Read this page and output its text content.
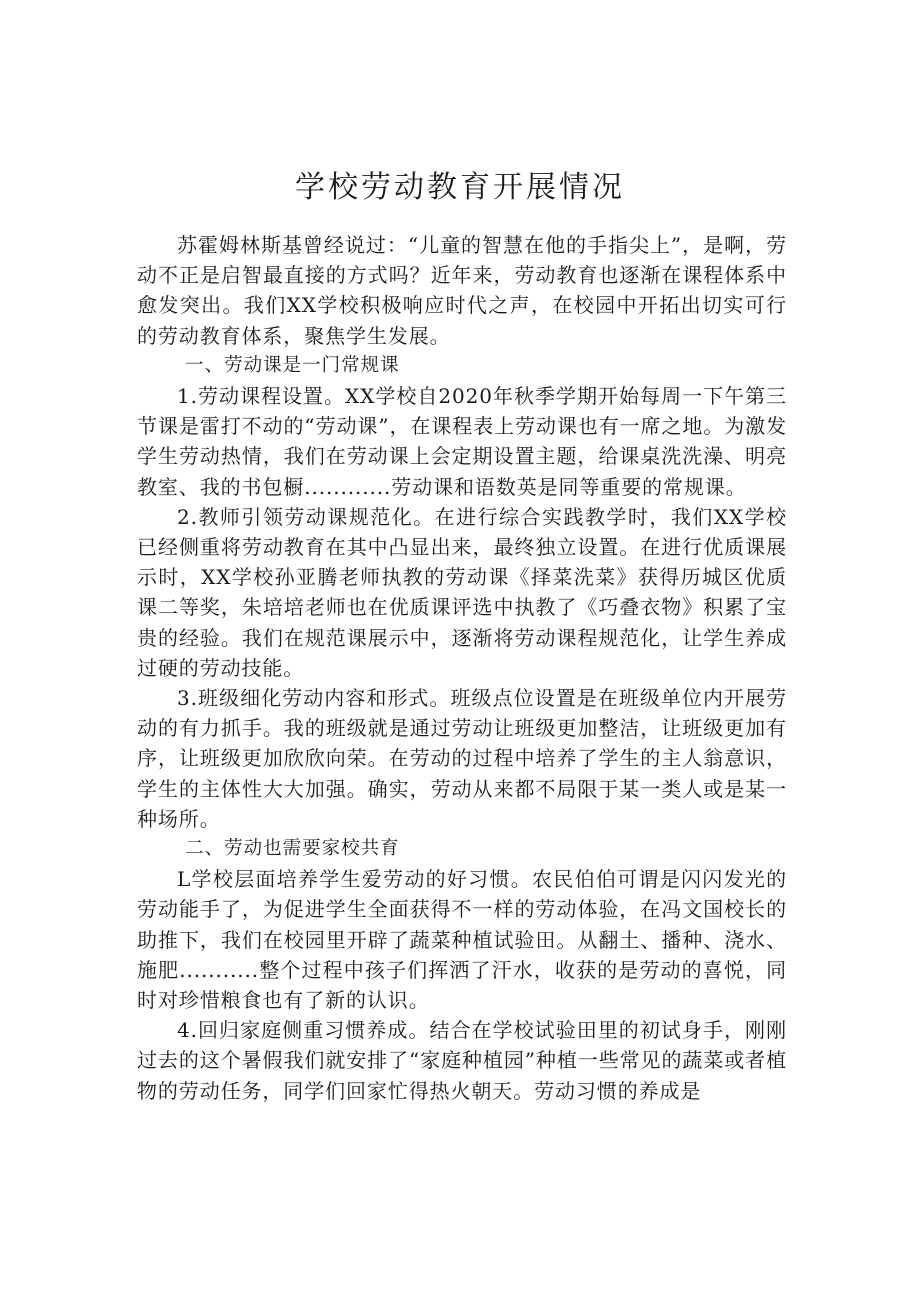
学校劳动教育开展情况

苏霍姆林斯基曾经说过：“儿童的智慧在他的手指尖上”，是啊，劳动不正是启智最直接的方式吗？近年来，劳动教育也逐渐在课程体系中愈发突出。我们XX学校积极响应时代之声，在校园中开拓出切实可行的劳动教育体系，聚焦学生发展。

一、劳动课是一门常规课

1.劳动课程设置。XX学校自2020年秋季学期开始每周一下午第三节课是雷打不动的“劳动课”，在课程表上劳动课也有一席之地。为激发学生劳动热情，我们在劳动课上会定期设置主题，给课桌洗洗澡、明亮教室、我的书包橱............劳动课和语数英是同等重要的常规课。

2.教师引领劳动课规范化。在进行综合实践教学时，我们XX学校已经侧重将劳动教育在其中凸显出来，最终独立设置。在进行优质课展示时，XX学校孙亚腾老师执教的劳动课《择菜洗菜》获得历城区优质课二等奖，朱培培老师也在优质课评选中执教了《巧叠衣物》积累了宝贵的经验。我们在规范课展示中，逐渐将劳动课程规范化，让学生养成过硬的劳动技能。

3.班级细化劳动内容和形式。班级点位设置是在班级单位内开展劳动的有力抓手。我的班级就是通过劳动让班级更加整洁，让班级更加有序，让班级更加欣欣向荣。在劳动的过程中培养了学生的主人翁意识，学生的主体性大大加强。确实，劳动从来都不局限于某一类人或是某一种场所。

二、劳动也需要家校共育

L学校层面培养学生爱劳动的好习惯。农民伯伯可谓是闪闪发光的劳动能手了，为促进学生全面获得不一样的劳动体验，在冯文国校长的助推下，我们在校园里开辟了蔬菜种植试验田。从翻土、播种、浇水、施肥...........整个过程中孩子们挥洒了汗水，收获的是劳动的喜悦，同时对珍惜粮食也有了新的认识。

4.回归家庭侧重习惯养成。结合在学校试验田里的初试身手，刚刚过去的这个暑假我们就安排了“家庭种植园”种植一些常见的蔬菜或者植物的劳动任务，同学们回家忙得热火朝天。劳动习惯的养成是
